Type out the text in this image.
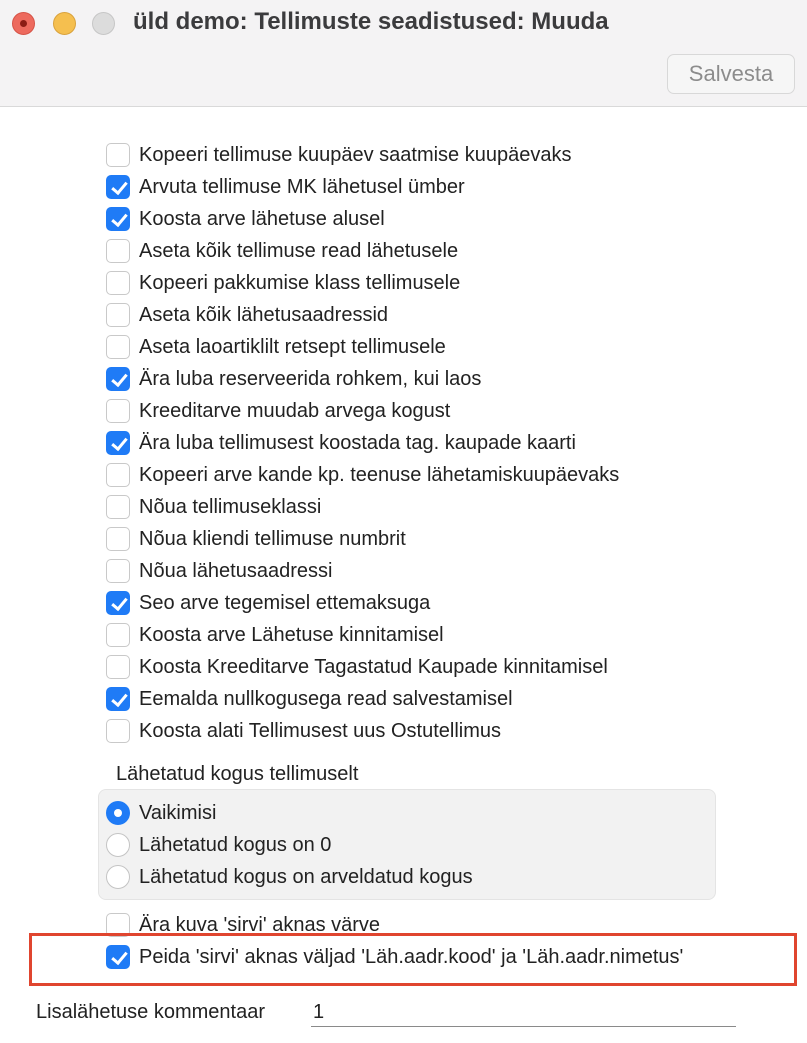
üld demo: Tellimuste seadistused: Muuda
Salvesta
Kopeeri tellimuse kuupäev saatmise kuupäevaks
Arvuta tellimuse MK lähetusel ümber
Koosta arve lähetuse alusel
Aseta kõik tellimuse read lähetusele
Kopeeri pakkumise klass tellimusele
Aseta kõik lähetusaadressid
Aseta laoartiklilt retsept tellimusele
Ära luba reserveerida rohkem, kui laos
Kreeditarve muudab arvega kogust
Ära luba tellimusest koostada tag. kaupade kaarti
Kopeeri arve kande kp. teenuse lähetamiskuupäevaks
Nõua tellimuseklassi
Nõua kliendi tellimuse numbrit
Nõua lähetusaadressi
Seo arve tegemisel ettemaksuga
Koosta arve Lähetuse kinnitamisel
Koosta Kreeditarve Tagastatud Kaupade kinnitamisel
Eemalda nullkogusega read salvestamisel
Koosta alati Tellimusest uus Ostutellimus
Lähetatud kogus tellimuselt
Vaikimisi
Lähetatud kogus on 0
Lähetatud kogus on arveldatud kogus
Ära kuva 'sirvi' aknas värve
Peida 'sirvi' aknas väljad 'Läh.aadr.kood' ja 'Läh.aadr.nimetus'
Lisalähetuse kommentaar
1
